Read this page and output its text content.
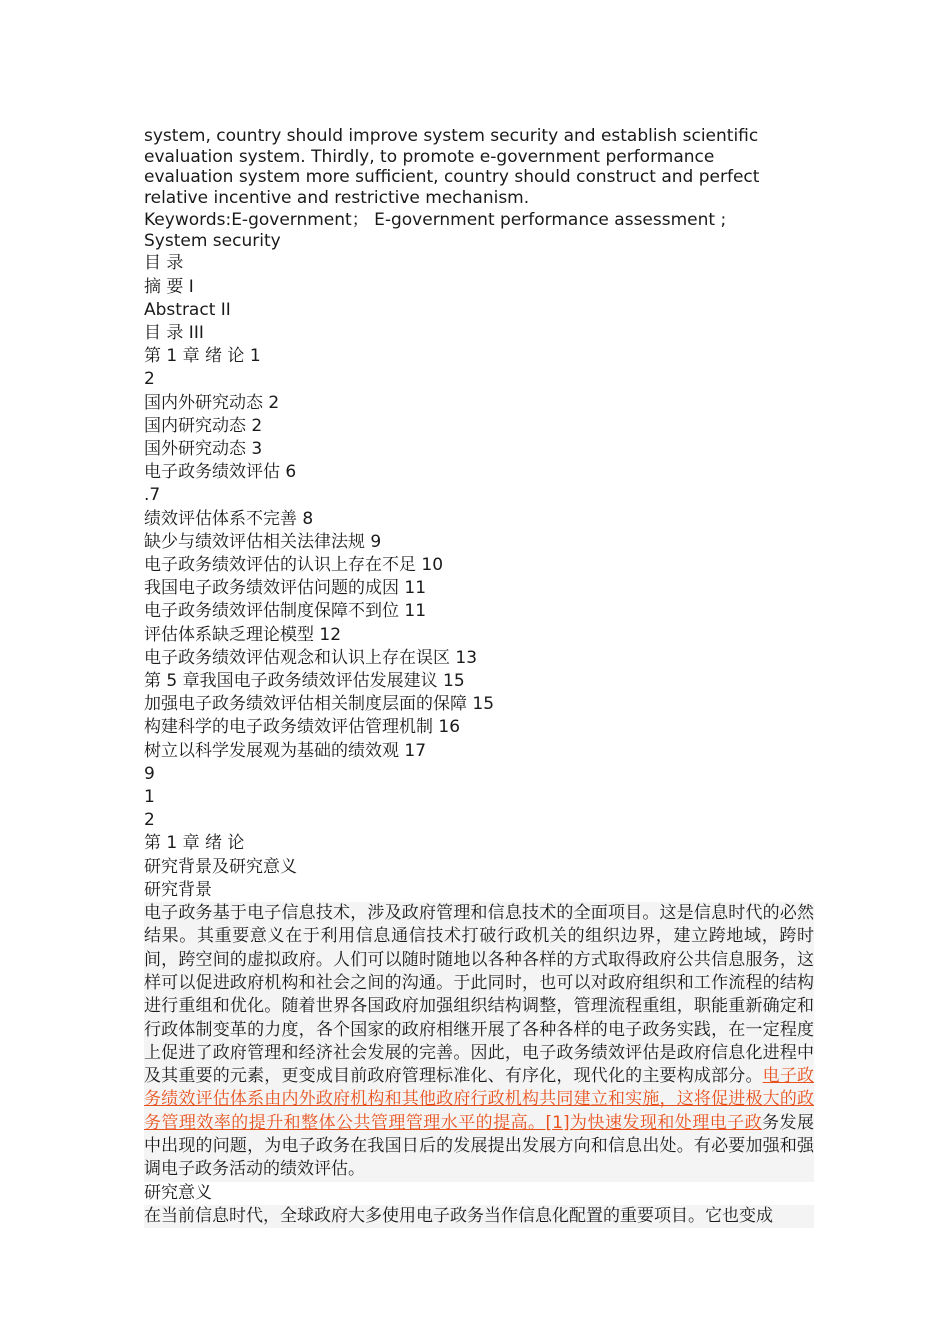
system, country should improve system security and establish scientific

evaluation system. Thirdly, to promote e-government performance

evaluation system more sufficient, country should construct and perfect

relative incentive and restrictive mechanism.

Keywords:E-government； E-government performance assessment ;
System security
目 录
摘 要 I
Abstract II
目 录 III
第 1 章 绪 论 1
2
国内外研究动态 2
国内研究动态 2
国外研究动态 3
电子政务绩效评估 6
.7
绩效评估体系不完善 8
缺少与绩效评估相关法律法规 9
电子政务绩效评估的认识上存在不足 10
我国电子政务绩效评估问题的成因 11
电子政务绩效评估制度保障不到位 11
评估体系缺乏理论模型 12
电子政务绩效评估观念和认识上存在误区 13
第 5 章我国电子政务绩效评估发展建议 15
加强电子政务绩效评估相关制度层面的保障 15
构建科学的电子政务绩效评估管理机制 16
树立以科学发展观为基础的绩效观 17
9
1
2
第 1 章 绪 论
研究背景及研究意义
研究背景

电子政务基于电子信息技术，涉及政府管理和信息技术的全面项目。这是信息时代的必然结果。其重要意义在于利用信息通信技术打破行政机关的组织边界，建立跨地域，跨时间，跨空间的虚拟政府。人们可以随时随地以各种各样的方式取得政府公共信息服务，这样可以促进政府机构和社会之间的沟通。于此同时，也可以对政府组织和工作流程的结构进行重组和优化。随着世界各国政府加强组织结构调整，管理流程重组，职能重新确定和行政体制变革的力度，各个国家的政府相继开展了各种各样的电子政务实践，在一定程度上促进了政府管理和经济社会发展的完善。因此，电子政务绩效评估是政府信息化进程中及其重要的元素，更变成目前政府管理标准化、有序化，现代化的主要构成部分。电子政务绩效评估体系由内外政府机构和其他政府行政机构共同建立和实施，这将促进极大的政务管理效率的提升和整体公共管理管理水平的提高。[1]为快速发现和处理电子政务发展中出现的问题，为电子政务在我国日后的发展提出发展方向和信息出处。有必要加强和强调电子政务活动的绩效评估。

研究意义

在当前信息时代，全球政府大多使用电子政务当作信息化配置的重要项目。它也变成
